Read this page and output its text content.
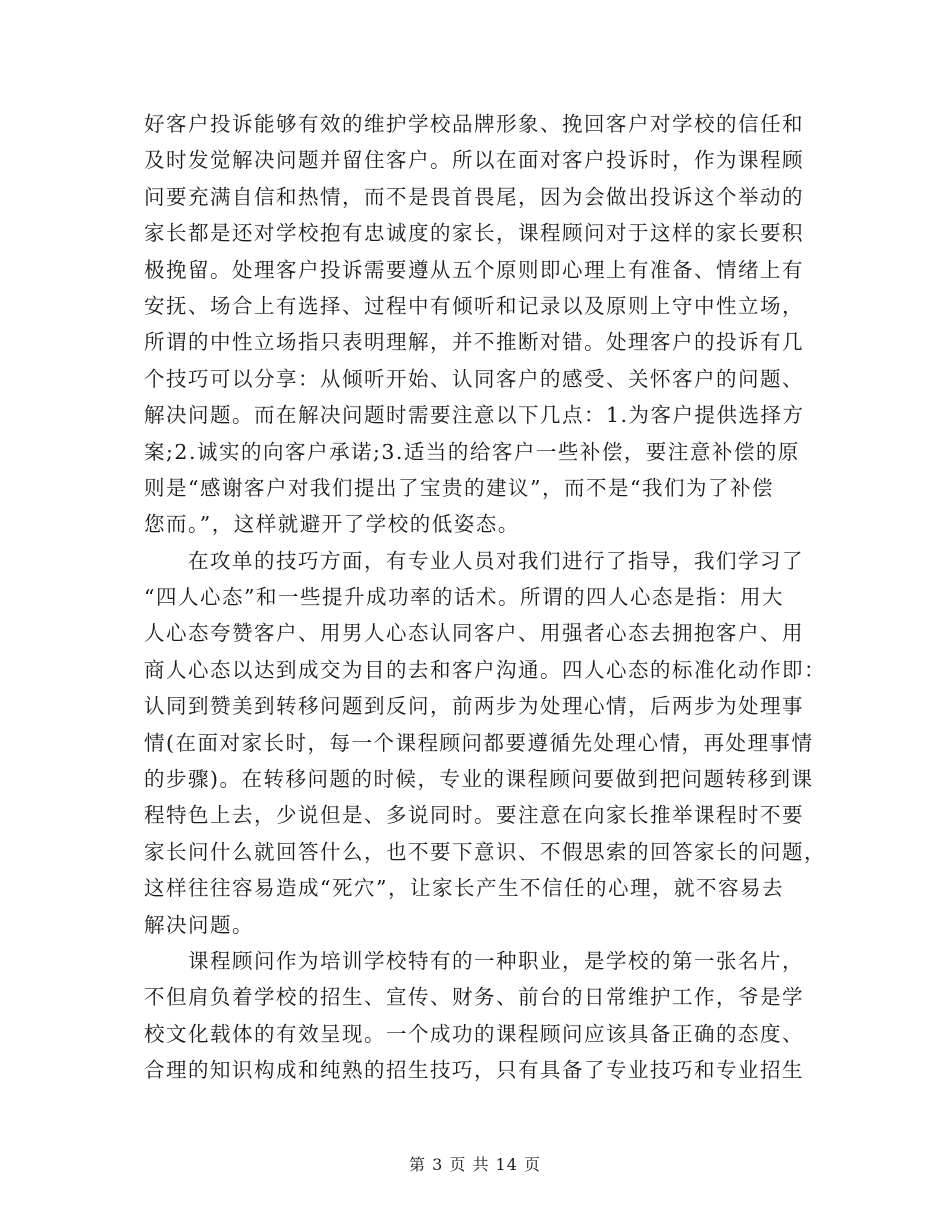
好客户投诉能够有效的维护学校品牌形象、挽回客户对学校的信任和
及时发觉解决问题并留住客户。所以在面对客户投诉时，作为课程顾
问要充满自信和热情，而不是畏首畏尾，因为会做出投诉这个举动的
家长都是还对学校抱有忠诚度的家长，课程顾问对于这样的家长要积
极挽留。处理客户投诉需要遵从五个原则即心理上有准备、情绪上有
安抚、场合上有选择、过程中有倾听和记录以及原则上守中性立场，
所谓的中性立场指只表明理解，并不推断对错。处理客户的投诉有几
个技巧可以分享：从倾听开始、认同客户的感受、关怀客户的问题、
解决问题。而在解决问题时需要注意以下几点：1.为客户提供选择方
案;2.诚实的向客户承诺;3.适当的给客户一些补偿，要注意补偿的原
则是“感谢客户对我们提出了宝贵的建议”，而不是“我们为了补偿
您而。”，这样就避开了学校的低姿态。
在攻单的技巧方面，有专业人员对我们进行了指导，我们学习了
“四人心态”和一些提升成功率的话术。所谓的四人心态是指：用大
人心态夸赞客户、用男人心态认同客户、用强者心态去拥抱客户、用
商人心态以达到成交为目的去和客户沟通。四人心态的标准化动作即：
认同到赞美到转移问题到反问，前两步为处理心情，后两步为处理事
情(在面对家长时，每一个课程顾问都要遵循先处理心情，再处理事情
的步骤)。在转移问题的时候，专业的课程顾问要做到把问题转移到课
程特色上去，少说但是、多说同时。要注意在向家长推举课程时不要
家长问什么就回答什么，也不要下意识、不假思索的回答家长的问题，
这样往往容易造成“死穴”，让家长产生不信任的心理，就不容易去
解决问题。
课程顾问作为培训学校特有的一种职业，是学校的第一张名片，
不但肩负着学校的招生、宣传、财务、前台的日常维护工作，爷是学
校文化载体的有效呈现。一个成功的课程顾问应该具备正确的态度、
合理的知识构成和纯熟的招生技巧，只有具备了专业技巧和专业招生
第 3 页 共 14 页
